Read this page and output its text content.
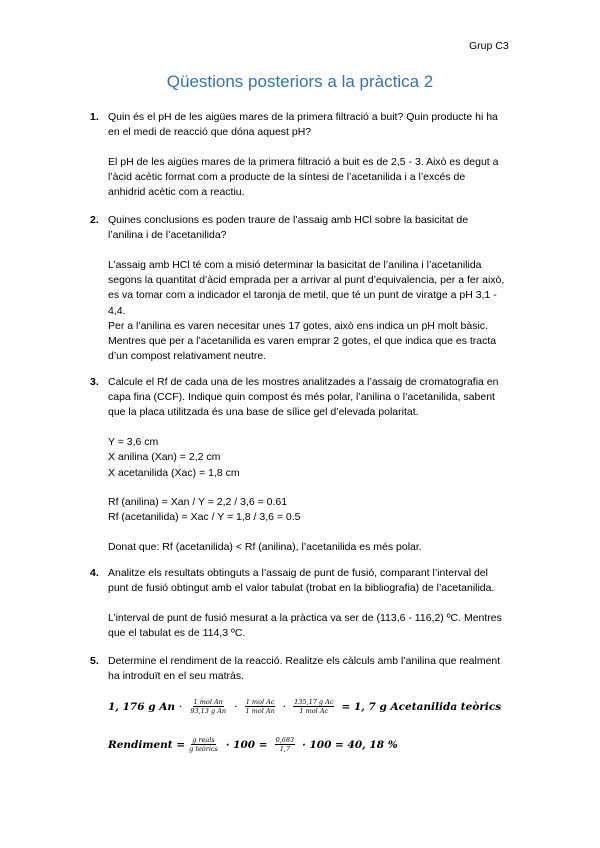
Grup C3
Qüestions posteriors a la pràctica 2
1. Quin és el pH de les aigües mares de la primera filtració a buit? Quin producte hi ha

en el medi de reacció que dóna aquest pH?

El pH de les aigües mares de la primera filtració a buit es de 2,5 - 3. Això es degut a

l’àcid acètic format com a producte de la síntesi de l’acetanilida i a l’excés de

anhidrid acètic com a reactiu.

2. Quines conclusions es poden traure de l’assaig amb HCl sobre la basicitat de

l’anilina i de l’acetanilida?

L’assaig amb HCl té com a misió determinar la basicitat de l’anilina i l’acetanilida

segons la quantitat d’àcid emprada per a arrivar al punt d’equivalencia, per a fer això,

es va tomar com a indicador el taronja de metil, que té un punt de viratge a pH 3,1 -

4,4.

Per a l’anilina es varen necesitar unes 17 gotes, això ens indica un pH molt bàsic.

Mentres que per a l’acetanilida es varen emprar 2 gotes, el que indica que es tracta

d’un compost relativament neutre.

3. Calcule el Rf de cada una de les mostres analitzades a l’assaig de cromatografia en

capa fina (CCF). Indique quin compost és més polar, l’anilina o l’acetanilida, sabent

que la placa utilitzada és una base de sílice gel d’elevada polaritat.

Y = 3,6 cm

X anilina (Xan) = 2,2 cm

X acetanilida (Xac) = 1,8 cm

Rf (anilina) = Xan / Y = 2,2 / 3,6 = 0.61

Rf (acetanilida) = Xac / Y = 1,8 / 3,6 = 0.5

Donat que: Rf (acetanilida) < Rf (anilina), l’acetanilida es més polar.

4. Analitze els resultats obtinguts a l’assaig de punt de fusió, comparant l’interval del

punt de fusió obtingut amb el valor tabulat (trobat en la bibliografia) de l’acetanilida.

L’interval de punt de fusió mesurat a la pràctica va ser de (113,6 - 116,2) ºC. Mentres

que el tabulat es de 114,3 ºC.

5. Determine el rendiment de la reacció. Realitze els càlculs amb l’anilina que realment

ha introduït en el seu matràs.

1, 176 g $An \cdot \frac{\text{1 mol An}}{\text{93,13 g An}} \cdot \frac{\text{1 mol Ac}}{\text{1 mol An}} \cdot \frac{\text{135,17 g Ac}}{\text{1 mol Ac}} = 1$, 7 g Acetanilida teòrics
Rendiment = $\frac{\text{g reals}}{\text{g teòrics}} \cdot 100 = \frac{0,683}{1,7} \cdot 100 = 40$, 18 %
